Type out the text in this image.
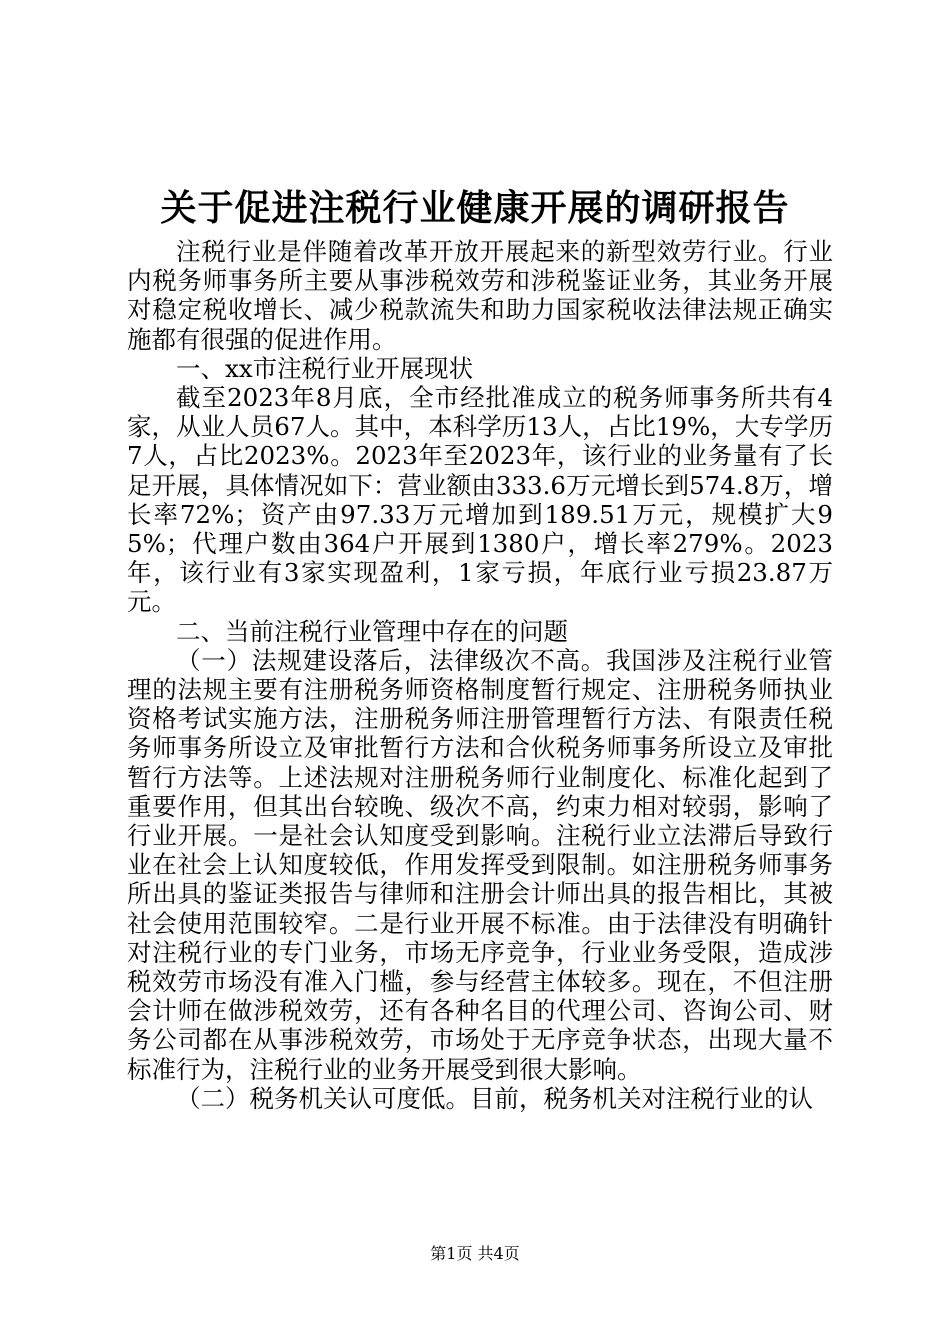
关于促进注税行业健康开展的调研报告

注税行业是伴随着改革开放开展起来的新型效劳行业。行业内税务师事务所主要从事涉税效劳和涉税鉴证业务，其业务开展对稳定税收增长、减少税款流失和助力国家税收法律法规正确实施都有很强的促进作用。

一、xx市注税行业开展现状

截至2023年8月底，全市经批准成立的税务师事务所共有4家，从业人员67人。其中，本科学历13人，占比19%，大专学历7人，占比2023%。2023年至2023年，该行业的业务量有了长足开展，具体情况如下：营业额由333.6万元增长到574.8万，增长率72%；资产由97.33万元增加到189.51万元，规模扩大95%；代理户数由364户开展到1380户，增长率279%。2023年，该行业有3家实现盈利，1家亏损，年底行业亏损23.87万元。

二、当前注税行业管理中存在的问题

（一）法规建设落后，法律级次不高。我国涉及注税行业管理的法规主要有注册税务师资格制度暂行规定、注册税务师执业资格考试实施方法，注册税务师注册管理暂行方法、有限责任税务师事务所设立及审批暂行方法和合伙税务师事务所设立及审批暂行方法等。上述法规对注册税务师行业制度化、标准化起到了重要作用，但其出台较晚、级次不高，约束力相对较弱，影响了行业开展。一是社会认知度受到影响。注税行业立法滞后导致行业在社会上认知度较低，作用发挥受到限制。如注册税务师事务所出具的鉴证类报告与律师和注册会计师出具的报告相比，其被社会使用范围较窄。二是行业开展不标准。由于法律没有明确针对注税行业的专门业务，市场无序竞争，行业业务受限，造成涉税效劳市场没有准入门槛，参与经营主体较多。现在，不但注册会计师在做涉税效劳，还有各种名目的代理公司、咨询公司、财务公司都在从事涉税效劳，市场处于无序竞争状态，出现大量不标准行为，注税行业的业务开展受到很大影响。

（二）税务机关认可度低。目前，税务机关对注税行业的认

第1页 共4页
